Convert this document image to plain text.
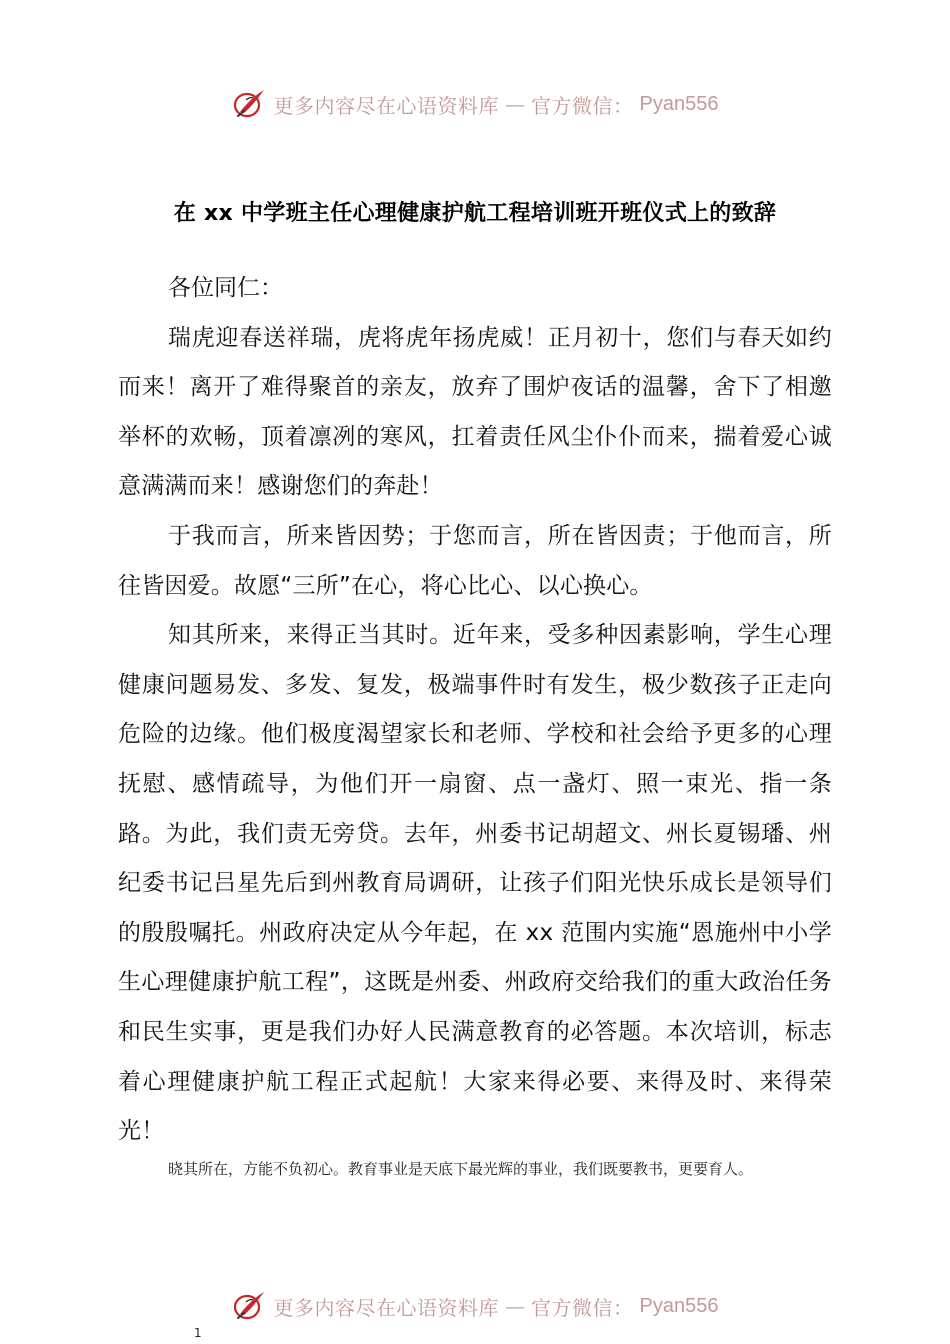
更多内容尽在心语资料库 — 官方微信： Pyan556
在 xx 中学班主任心理健康护航工程培训班开班仪式上的致辞

各位同仁：

瑞虎迎春送祥瑞，虎将虎年扬虎威！正月初十，您们与春天如约而来！离开了难得聚首的亲友，放弃了围炉夜话的温馨，舍下了相邀举杯的欢畅，顶着凛冽的寒风，扛着责任风尘仆仆而来，揣着爱心诚意满满而来！感谢您们的奔赴！

于我而言，所来皆因势；于您而言，所在皆因责；于他而言，所往皆因爱。故愿“三所”在心，将心比心、以心换心。

知其所来，来得正当其时。近年来，受多种因素影响，学生心理健康问题易发、多发、复发，极端事件时有发生，极少数孩子正走向危险的边缘。他们极度渴望家长和老师、学校和社会给予更多的心理抚慰、感情疏导，为他们开一扇窗、点一盏灯、照一束光、指一条路。为此，我们责无旁贷。去年，州委书记胡超文、州长夏锡璠、州纪委书记吕星先后到州教育局调研，让孩子们阳光快乐成长是领导们的殷殷嘱托。州政府决定从今年起，在 xx 范围内实施“恩施州中小学生心理健康护航工程”，这既是州委、州政府交给我们的重大政治任务和民生实事，更是我们办好人民满意教育的必答题。本次培训，标志着心理健康护航工程正式起航！大家来得必要、来得及时、来得荣光！

晓其所在，方能不负初心。教育事业是天底下最光辉的事业，我们既要教书，更要育人。
更多内容尽在心语资料库 — 官方微信： Pyan556
1
